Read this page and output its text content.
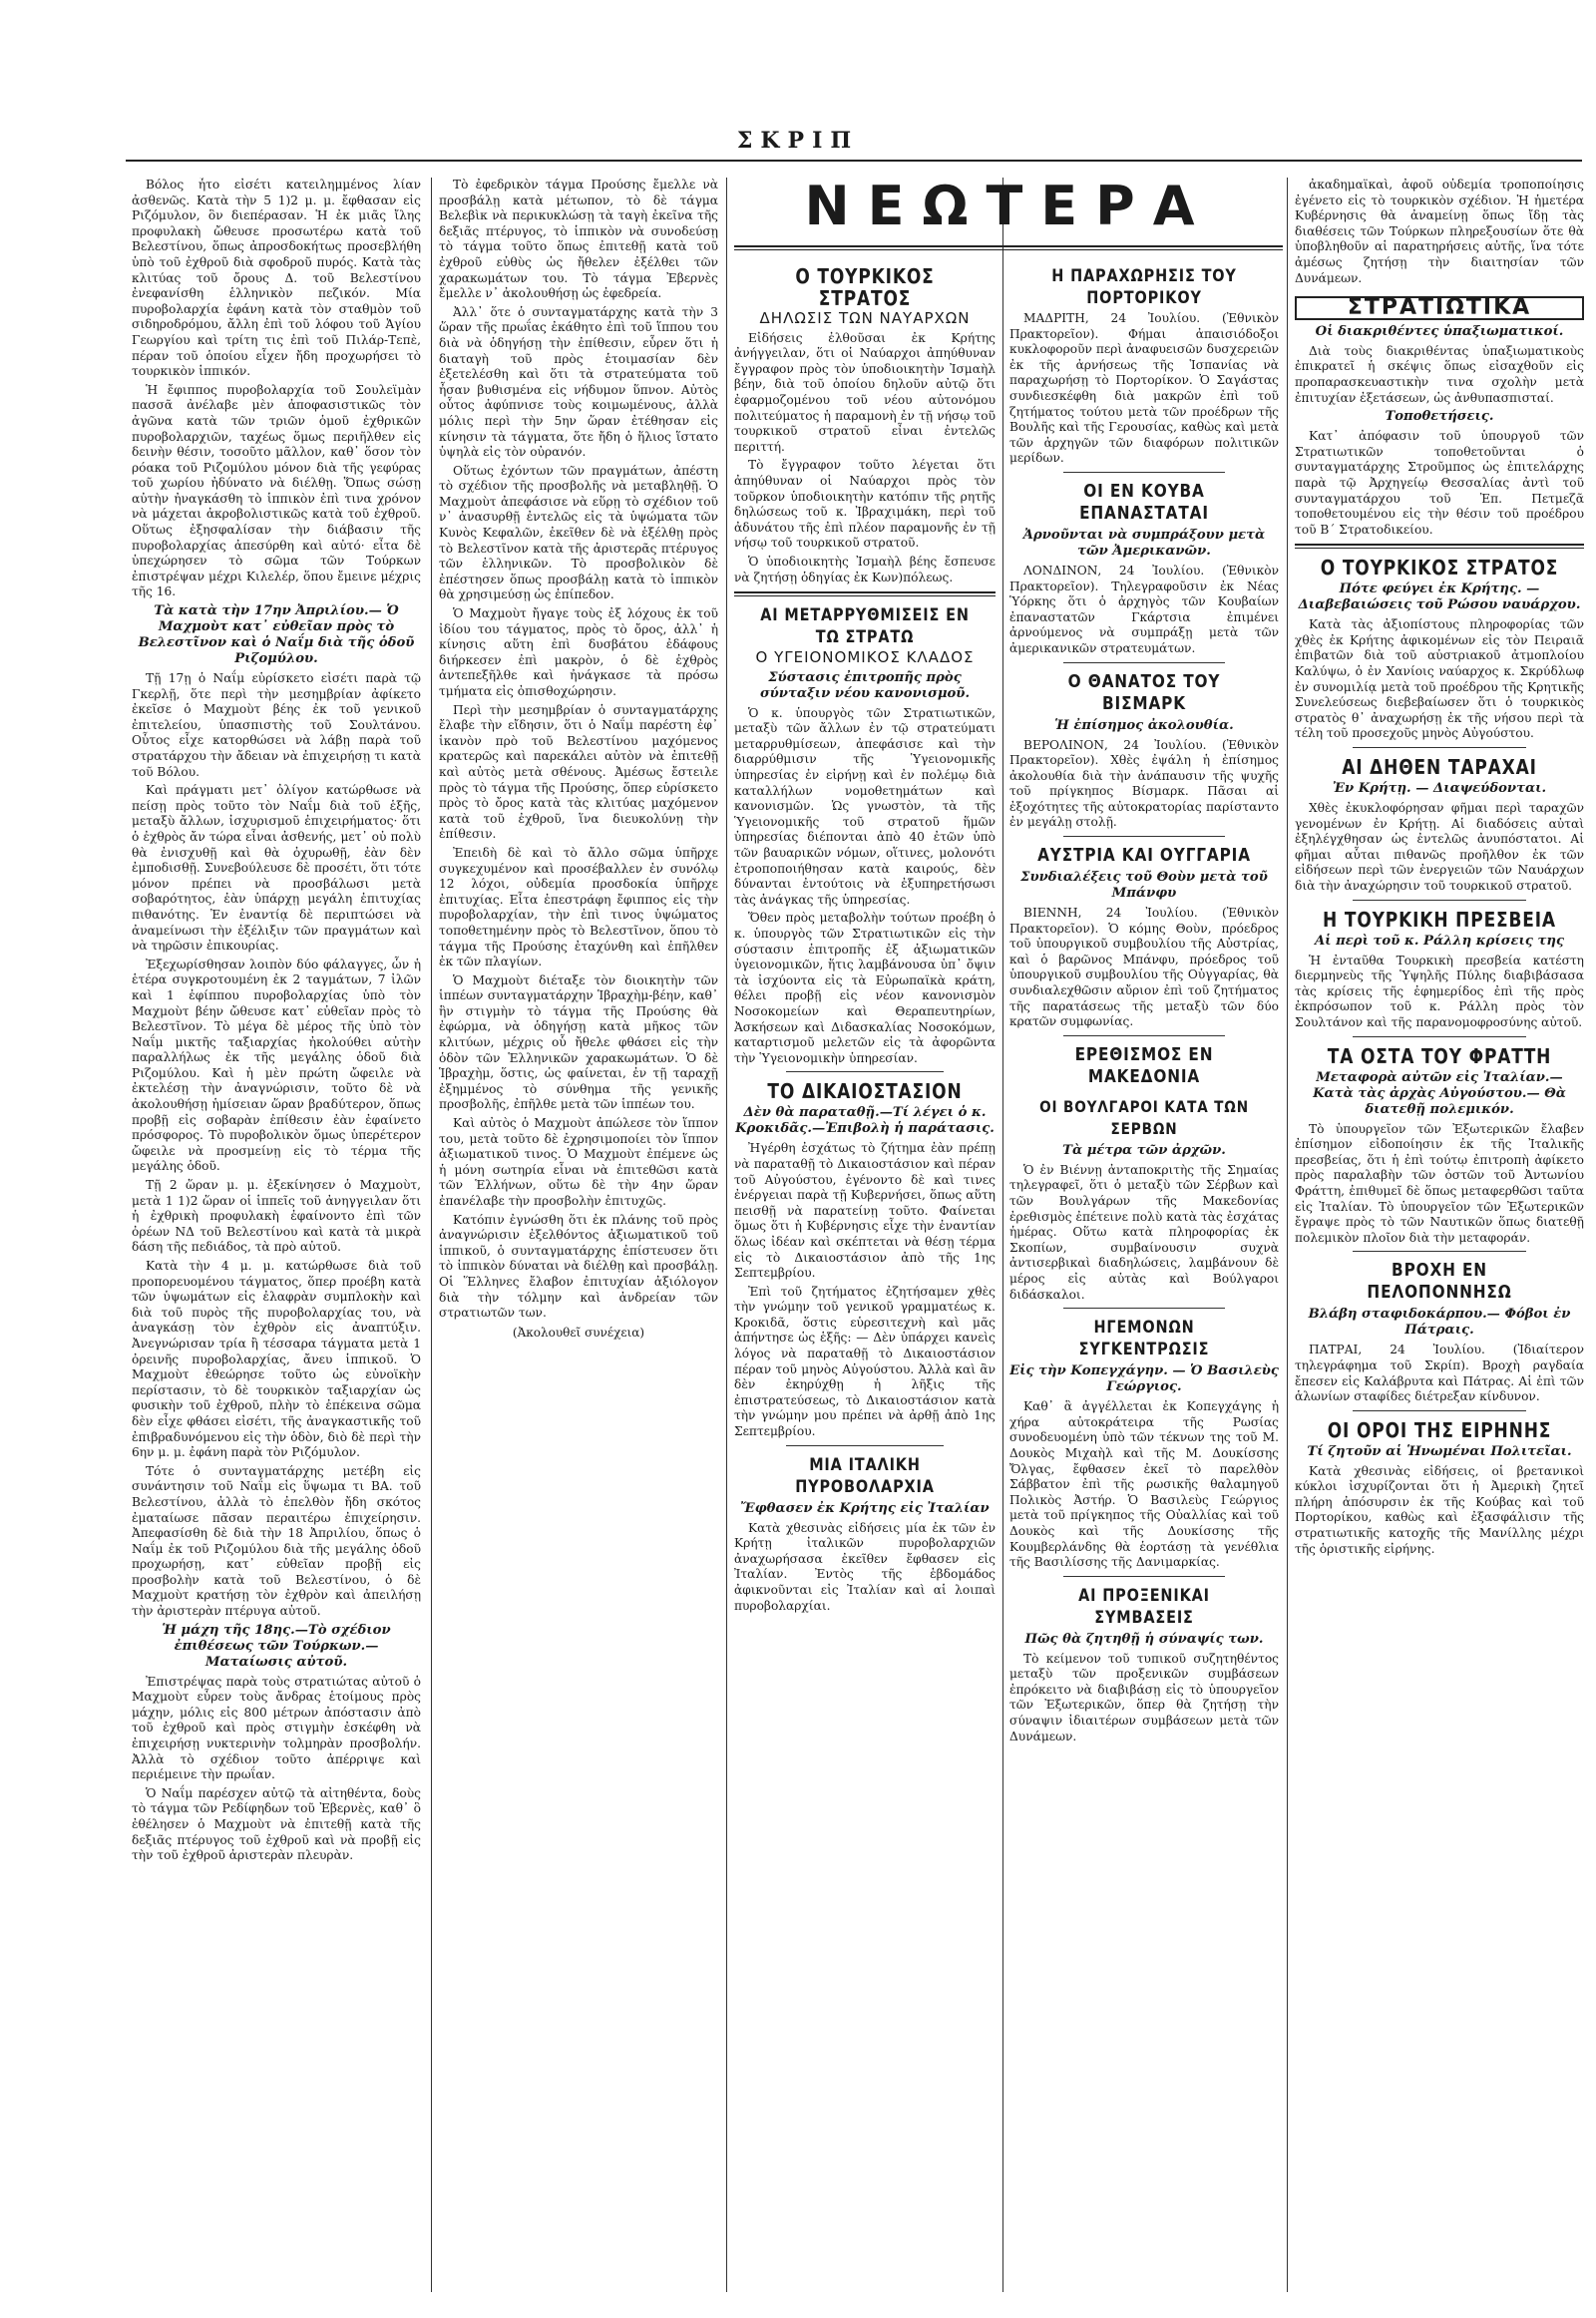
ΣΚΡΙΠ

Βόλος ἦτο εἰσέτι κατειλημμένος λίαν ἀσθενῶς. Κατὰ τὴν 5 1)2 μ. μ. ἔφθασαν εἰς Ριζόμυλον, ὃν διεπέρασαν. Ἡ ἐκ μιᾶς ἴλης προφυλακὴ ὤθευσε προσωτέρω κατὰ τοῦ Βελεστίνου, ὅπως ἀπροσδοκήτως προσεβλήθη ὑπὸ τοῦ ἐχθροῦ διὰ σφοδροῦ πυρός. Κατὰ τὰς κλιτύας τοῦ ὄρους Δ. τοῦ Βελεστίνου ἐνεφανίσθη ἑλληνικὸν πεζικόν. Μία πυροβολαρχία ἐφάνη κατὰ τὸν σταθμὸν τοῦ σιδηροδρόμου, ἄλλη ἐπὶ τοῦ λόφου τοῦ Ἁγίου Γεωργίου καὶ τρίτη τις ἐπὶ τοῦ Πιλάρ-Τεπὲ, πέραν τοῦ ὁποίου εἶχεν ἤδη προχωρήσει τὸ τουρκικὸν ἱππικόν.

Ἡ ἔφιππος πυροβολαρχία τοῦ Σουλεϊμὰν πασσᾶ ἀνέλαβε μὲν ἀποφασιστικῶς τὸν ἀγῶνα κατὰ τῶν τριῶν ὁμοῦ ἐχθρικῶν πυροβολαρχιῶν, ταχέως ὅμως περιῆλθεν εἰς δεινὴν θέσιν, τοσοῦτο μᾶλλον, καθ᾽ ὅσον τὸν ρόακα τοῦ Ριζομύλου μόνον διὰ τῆς γεφύρας τοῦ χωρίου ἠδύνατο νὰ διέλθῃ. Ὅπως σώσῃ αὐτὴν ἠναγκάσθη τὸ ἱππικὸν ἐπὶ τινα χρόνον νὰ μάχεται ἀκροβολιστικῶς κατὰ τοῦ ἐχθροῦ. Οὕτως ἐξησφαλίσαν τὴν διάβασιν τῆς πυροβολαρχίας ἀπεσύρθη καὶ αὐτό· εἶτα δὲ ὑπεχώρησεν τὸ σῶμα τῶν Τούρκων ἐπιστρέψαν μέχρι Κιλελέρ, ὅπου ἔμεινε μέχρις τῆς 16.

Τὰ κατὰ τὴν 17ην Ἀπριλίου.— Ὁ Μαχμοὺτ κατ᾽ εὐθεῖαν πρὸς τὸ Βελεστῖνον καὶ ὁ Ναΐμ διὰ τῆς ὁδοῦ Ριζομύλου.

Τῇ 17ῃ ὁ Ναΐμ εὑρίσκετο εἰσέτι παρὰ τῷ Γκερλῇ, ὅτε περὶ τὴν μεσημβρίαν ἀφίκετο ἐκεῖσε ὁ Μαχμοὺτ βέης ἐκ τοῦ γενικοῦ ἐπιτελείου, ὑπασπιστὴς τοῦ Σουλτάνου. Οὗτος εἶχε κατορθώσει νὰ λάβῃ παρὰ τοῦ στρατάρχου τὴν ἄδειαν νὰ ἐπιχειρήσῃ τι κατὰ τοῦ Βόλου.

Καὶ πράγματι μετ᾽ ὀλίγον κατώρθωσε νὰ πείσῃ πρὸς τοῦτο τὸν Ναΐμ διὰ τοῦ ἑξῆς, μεταξὺ ἄλλων, ἰσχυρισμοῦ ἐπιχειρήματος· ὅτι ὁ ἐχθρὸς ἄν τώρα εἶναι ἀσθενής, μετ᾽ οὐ πολὺ θὰ ἐνισχυθῇ καὶ θὰ ὀχυρωθῇ, ἐὰν δὲν ἐμποδισθῇ. Συνεβούλευσε δὲ προσέτι, ὅτι τότε μόνον πρέπει νὰ προσβάλωσι μετὰ σοβαρότητος, ἐὰν ὑπάρχῃ μεγάλη ἐπιτυχίας πιθανότης. Ἐν ἐναντίᾳ δὲ περιπτώσει νὰ ἀναμείνωσι τὴν ἐξέλιξιν τῶν πραγμάτων καὶ νὰ τηρῶσιν ἐπικουρίας.

Ἐξεχωρίσθησαν λοιπὸν δύο φάλαγγες, ὧν ἡ ἑτέρα συγκροτουμένη ἐκ 2 ταγμάτων, 7 ἰλῶν καὶ 1 ἐφίππου πυροβολαρχίας ὑπὸ τὸν Μαχμοὺτ βέην ὤθευσε κατ᾽ εὐθεῖαν πρὸς τὸ Βελεστῖνον. Τὸ μέγα δὲ μέρος τῆς ὑπὸ τὸν Ναΐμ μικτῆς ταξιαρχίας ἠκολούθει αὐτὴν παραλλήλως ἐκ τῆς μεγάλης ὁδοῦ διὰ Ριζομύλου. Καὶ ἡ μὲν πρώτη ὤφειλε νὰ ἐκτελέσῃ τὴν ἀναγνώρισιν, τοῦτο δὲ νὰ ἀκολουθήσῃ ἡμίσειαν ὥραν βραδύτερον, ὅπως προβῇ εἰς σοβαρὰν ἐπίθεσιν ἐὰν ἐφαίνετο πρόσφορος. Τὸ πυροβολικὸν ὅμως ὑπερέτερον ὤφειλε νὰ προσμείνῃ εἰς τὸ τέρμα τῆς μεγάλης ὁδοῦ.

Τῇ 2 ὥραν μ. μ. ἐξεκίνησεν ὁ Μαχμοὺτ, μετὰ 1 1)2 ὥραν οἱ ἱππεῖς τοῦ ἀνηγγειλαν ὅτι ἡ ἐχθρικὴ προφυλακὴ ἐφαίνοντο ἐπὶ τῶν ὀρέων ΝΔ τοῦ Βελεστίνου καὶ κατὰ τὰ μικρὰ δάση τῆς πεδιάδος, τὰ πρὸ αὐτοῦ.

Κατὰ τὴν 4 μ. μ. κατώρθωσε διὰ τοῦ προπορευομένου τάγματος, ὅπερ προέβη κατὰ τῶν ὑψωμάτων εἰς ἐλαφρὰν συμπλοκὴν καὶ διὰ τοῦ πυρὸς τῆς πυροβολαρχίας του, νὰ ἀναγκάσῃ τὸν ἐχθρὸν εἰς ἀναπτύξιν. Ἀνεγνώρισαν τρία ἢ τέσσαρα τάγματα μετὰ 1 ὀρεινῆς πυροβολαρχίας, ἄνευ ἱππικοῦ. Ὁ Μαχμοὺτ ἐθεώρησε τοῦτο ὡς εὐνοϊκὴν περίστασιν, τὸ δὲ τουρκικὸν ταξιαρχίαν ὡς φυσικὴν τοῦ ἐχθροῦ, πλὴν τὸ ἐπέκεινα σῶμα δὲν εἶχε φθάσει εἰσέτι, τῆς ἀναγκαστικῆς τοῦ ἐπιβραδυνόμενου εἰς τὴν ὁδὸν, διὸ δὲ περὶ τὴν 6ην μ. μ. ἐφάνη παρὰ τὸν Ριζόμυλον.

Τότε ὁ συνταγματάρχης μετέβη εἰς συνάντησιν τοῦ Ναΐμ εἰς ὕψωμα τι ΒΑ. τοῦ Βελεστίνου, ἀλλὰ τὸ ἐπελθὸν ἤδη σκότος ἐματαίωσε πᾶσαν περαιτέρω ἐπιχείρησιν. Ἀπεφασίσθη δὲ διὰ τὴν 18 Ἀπριλίου, ὅπως ὁ Ναΐμ ἐκ τοῦ Ριζομύλου διὰ τῆς μεγάλης ὁδοῦ προχωρήσῃ, κατ᾽ εὐθεῖαν προβῇ εἰς προσβολὴν κατὰ τοῦ Βελεστίνου, ὁ δὲ Μαχμοὺτ κρατήσῃ τὸν ἐχθρὸν καὶ ἀπειλήσῃ τὴν ἀριστερὰν πτέρυγα αὐτοῦ.

Ἡ μάχη τῆς 18ης.—Τὸ σχέδιον ἐπιθέσεως τῶν Τούρκων.— Ματαίωσις αὐτοῦ.

Ἐπιστρέψας παρὰ τοὺς στρατιώτας αὐτοῦ ὁ Μαχμοὺτ εὗρεν τοὺς ἄνδρας ἑτοίμους πρὸς μάχην, μόλις εἰς 800 μέτρων ἀπόστασιν ἀπὸ τοῦ ἐχθροῦ καὶ πρὸς στιγμὴν ἐσκέφθη νὰ ἐπιχειρήσῃ νυκτερινὴν τολμηρὰν προσβολήν. Ἀλλὰ τὸ σχέδιον τοῦτο ἀπέρριψε καὶ περιέμεινε τὴν πρωΐαν.

Ὁ Ναΐμ παρέσχεν αὐτῷ τὰ αἰτηθέντα, δοὺς τὸ τάγμα τῶν Ρεδίφηδων τοῦ Ἐβερνὲς, καθ᾽ ὃ ἐθέλησεν ὁ Μαχμοὺτ νὰ ἐπιτεθῇ κατὰ τῆς δεξιᾶς πτέρυγος τοῦ ἐχθροῦ καὶ νὰ προβῇ εἰς τὴν τοῦ ἐχθροῦ ἀριστερὰν πλευρὰν.

Τὸ ἐφεδρικὸν τάγμα Προύσης ἔμελλε νὰ προσβάλῃ κατὰ μέτωπον, τὸ δὲ τάγμα Βελεβὶκ νὰ περικυκλώσῃ τὰ ταγὴ ἐκεῖνα τῆς δεξιᾶς πτέρυγος, τὸ ἱππικὸν νὰ συνοδεύσῃ τὸ τάγμα τοῦτο ὅπως ἐπιτεθῇ κατὰ τοῦ ἐχθροῦ εὐθὺς ὡς ἤθελεν ἐξέλθει τῶν χαρακωμάτων του. Τὸ τάγμα Ἐβερνὲς ἔμελλε ν᾽ ἀκολουθήσῃ ὡς ἐφεδρεία.

Ἀλλ᾽ ὅτε ὁ συνταγματάρχης κατὰ τὴν 3 ὥραν τῆς πρωΐας ἐκάθητο ἐπὶ τοῦ ἵππου του διὰ νὰ ὁδηγήσῃ τὴν ἐπίθεσιν, εὗρεν ὅτι ἡ διαταγὴ τοῦ πρὸς ἑτοιμασίαν δὲν ἐξετελέσθη καὶ ὅτι τὰ στρατεύματα τοῦ ἦσαν βυθισμένα εἰς νήδυμον ὕπνον. Αὐτὸς οὗτος ἀφύπνισε τοὺς κοιμωμένους, ἀλλὰ μόλις περὶ τὴν 5ην ὥραν ἐτέθησαν εἰς κίνησιν τὰ τάγματα, ὅτε ἤδη ὁ ἥλιος ἵστατο ὑψηλὰ εἰς τὸν οὐρανόν.

Οὕτως ἐχόντων τῶν πραγμάτων, ἀπέστη τὸ σχέδιον τῆς προσβολῆς νὰ μεταβληθῇ. Ὁ Μαχμοὺτ ἀπεφάσισε νὰ εὕρῃ τὸ σχέδιον τοῦ ν᾽ ἀνασυρθῇ ἐντελῶς εἰς τὰ ὑψώματα τῶν Κυνὸς Κεφαλῶν, ἐκεῖθεν δὲ νὰ ἐξέλθῃ πρὸς τὸ Βελεστῖνον κατὰ τῆς ἀριστερᾶς πτέρυγος τῶν ἑλληνικῶν. Τὸ προσβολικὸν δὲ ἐπέστησεν ὅπως προσβάλῃ κατὰ τὸ ἱππικὸν θὰ χρησιμεύσῃ ὡς ἐπίπεδον.

Ὁ Μαχμοὺτ ἤγαγε τοὺς ἐξ λόχους ἐκ τοῦ ἰδίου του τάγματος, πρὸς τὸ ὄρος, ἀλλ᾽ ἡ κίνησις αὕτη ἐπὶ δυσβάτου ἐδάφους διήρκεσεν ἐπὶ μακρὸν, ὁ δὲ ἐχθρὸς ἀντεπεξῆλθε καὶ ἠνάγκασε τὰ πρόσω τμήματα εἰς ὀπισθοχώρησιν.

Περὶ τὴν μεσημβρίαν ὁ συνταγματάρχης ἔλαβε τὴν εἴδησιν, ὅτι ὁ Ναΐμ παρέστη ἐφ᾽ ἱκανὸν πρὸ τοῦ Βελεστίνου μαχόμενος κρατερῶς καὶ παρεκάλει αὐτὸν νὰ ἐπιτεθῇ καὶ αὐτὸς μετὰ σθένους. Ἀμέσως ἔστειλε πρὸς τὸ τάγμα τῆς Προύσης, ὅπερ εὑρίσκετο πρὸς τὸ ὄρος κατὰ τὰς κλιτύας μαχόμενον κατὰ τοῦ ἐχθροῦ, ἵνα διευκολύνῃ τὴν ἐπίθεσιν.

Ἐπειδὴ δὲ καὶ τὸ ἄλλο σῶμα ὑπῆρχε συγκεχυμένον καὶ προσέβαλλεν ἐν συνόλῳ 12 λόχοι, οὐδεμία προσδοκία ὑπῆρχε ἐπιτυχίας. Εἶτα ἐπεστράφη ἔφιππος εἰς τὴν πυροβολαρχίαν, τὴν ἐπὶ τινος ὑψώματος τοποθετημένην πρὸς τὸ Βελεστῖνον, ὅπου τὸ τάγμα τῆς Προύσης ἐταχύνθη καὶ ἐπῆλθεν ἐκ τῶν πλαγίων.

Ὁ Μαχμοὺτ διέταξε τὸν διοικητὴν τῶν ἱππέων συνταγματάρχην Ἱβραχὴμ-βέην, καθ᾽ ἣν στιγμὴν τὸ τάγμα τῆς Προύσης θὰ ἐφώρμα, νὰ ὁδηγήσῃ κατὰ μῆκος τῶν κλιτύων, μέχρις οὗ ἤθελε φθάσει εἰς τὴν ὁδὸν τῶν Ἑλληνικῶν χαρακωμάτων. Ὁ δὲ Ἱβραχὴμ, ὅστις, ὡς φαίνεται, ἐν τῇ ταραχῇ ἐξημμένος τὸ σύνθημα τῆς γενικῆς προσβολῆς, ἐπῆλθε μετὰ τῶν ἱππέων του.

Καὶ αὐτὸς ὁ Μαχμοὺτ ἀπώλεσε τὸν ἵππον του, μετὰ τοῦτο δὲ ἐχρησιμοποίει τὸν ἵππον ἀξιωματικοῦ τινος. Ὁ Μαχμοὺτ ἐπέμενε ὡς ἡ μόνη σωτηρία εἶναι νὰ ἐπιτεθῶσι κατὰ τῶν Ἑλλήνων, οὕτω δὲ τὴν 4ην ὥραν ἐπανέλαβε τὴν προσβολὴν ἐπιτυχῶς.

Κατόπιν ἐγνώσθη ὅτι ἐκ πλάνης τοῦ πρὸς ἀναγνώρισιν ἐξελθόντος ἀξιωματικοῦ τοῦ ἱππικοῦ, ὁ συνταγματάρχης ἐπίστευσεν ὅτι τὸ ἱππικὸν δύναται νὰ διέλθῃ καὶ προσβάλῃ. Οἱ Ἕλληνες ἔλαβον ἐπιτυχίαν ἀξιόλογον διὰ τὴν τόλμην καὶ ἀνδρείαν τῶν στρατιωτῶν των.

(Ἀκολουθεῖ συνέχεια)
ΝΕΩΤΕΡΑ
Ο ΤΟΥΡΚΙΚΟΣ ΣΤΡΑΤΟΣ
ΔΗΛΩΣΙΣ ΤΩΝ ΝΑΥΑΡΧΩΝ

Εἰδήσεις ἐλθοῦσαι ἐκ Κρήτης ἀνήγγειλαν, ὅτι οἱ Ναύαρχοι ἀπηύθυναν ἔγγραφον πρὸς τὸν ὑποδιοικητὴν Ἰσμαὴλ βέην, διὰ τοῦ ὁποίου δηλοῦν αὐτῷ ὅτι ἐφαρμοζομένου τοῦ νέου αὐτονόμου πολιτεύματος ἡ παραμονὴ ἐν τῇ νήσῳ τοῦ τουρκικοῦ στρατοῦ εἶναι ἐντελῶς περιττή.

Τὸ ἔγγραφον τοῦτο λέγεται ὅτι ἀπηύθυναν οἱ Ναύαρχοι πρὸς τὸν τοῦρκον ὑποδιοικητὴν κατόπιν τῆς ρητῆς δηλώσεως τοῦ κ. Ἰβραχιμάκη, περὶ τοῦ ἀδυνάτου τῆς ἐπὶ πλέον παραμονῆς ἐν τῇ νήσῳ τοῦ τουρκικοῦ στρατοῦ.

Ὁ ὑποδιοικητὴς Ἰσμαὴλ βέης ἔσπευσε νὰ ζητήσῃ ὁδηγίας ἐκ Κων)πόλεως.

ΑΙ ΜΕΤΑΡΡΥΘΜΙΣΕΙΣ ΕΝ ΤΩ ΣΤΡΑΤΩ
Ο ΥΓΕΙΟΝΟΜΙΚΟΣ ΚΛΑΔΟΣ
Σύστασις ἐπιτροπῆς πρὸς σύνταξιν νέου κανονισμοῦ.

Ὁ κ. ὑπουργὸς τῶν Στρατιωτικῶν, μεταξὺ τῶν ἄλλων ἐν τῷ στρατεύματι μεταρρυθμίσεων, ἀπεφάσισε καὶ τὴν διαρρύθμισιν τῆς Ὑγειονομικῆς ὑπηρεσίας ἐν εἰρήνῃ καὶ ἐν πολέμῳ διὰ καταλλήλων νομοθετημάτων καὶ κανονισμῶν. Ὡς γνωστὸν, τὰ τῆς Ὑγειονομικῆς τοῦ στρατοῦ ἥμῶν ὑπηρεσίας διέπονται ἀπὸ 40 ἐτῶν ὑπὸ τῶν βαυαρικῶν νόμων, οἵτινες, μολονότι ἐτροποποιήθησαν κατὰ καιρούς, δὲν δύνανται ἐντούτοις νὰ ἐξυπηρετήσωσι τὰς ἀνάγκας τῆς ὑπηρεσίας.

Ὅθεν πρὸς μεταβολὴν τούτων προέβη ὁ κ. ὑπουργὸς τῶν Στρατιωτικῶν εἰς τὴν σύστασιν ἐπιτροπῆς ἐξ ἀξιωματικῶν ὑγειονομικῶν, ἥτις λαμβάνουσα ὑπ᾽ ὄψιν τὰ ἰσχύοντα εἰς τὰ Εὐρωπαϊκὰ κράτη, θέλει προβῇ εἰς νέον κανονισμὸν Νοσοκομείων καὶ Θεραπευτηρίων, Ἀσκήσεων καὶ Διδασκαλίας Νοσοκόμων, καταρτισμοῦ μελετῶν εἰς τὰ ἀφορῶντα τὴν Ὑγειονομικὴν ὑπηρεσίαν.

ΤΟ ΔΙΚΑΙΟΣΤΑΣΙΟΝ
Δὲν θὰ παραταθῇ.—Τί λέγει ὁ κ. Κροκιδᾶς.—Ἐπιβολὴ ἡ παράτασις.

Ἠγέρθη ἐσχάτως τὸ ζήτημα ἐὰν πρέπῃ νὰ παραταθῇ τὸ Δικαιοστάσιον καὶ πέραν τοῦ Αὐγούστου, ἐγένοντο δὲ καὶ τινες ἐνέργειαι παρὰ τῇ Κυβερνήσει, ὅπως αὕτη πεισθῇ νὰ παρατείνῃ τοῦτο. Φαίνεται ὅμως ὅτι ἡ Κυβέρνησις εἶχε τὴν ἐναντίαν ὅλως ἰδέαν καὶ σκέπτεται νὰ θέσῃ τέρμα εἰς τὸ Δικαιοστάσιον ἀπὸ τῆς 1ης Σεπτεμβρίου.

Ἐπὶ τοῦ ζητήματος ἐζητήσαμεν χθὲς τὴν γνώμην τοῦ γενικοῦ γραμματέως κ. Κροκιδᾶ, ὅστις εὑρεσιτεχνὴ καὶ μᾶς ἀπήντησε ὡς ἑξῆς: — Δὲν ὑπάρχει κανεὶς λόγος νὰ παραταθῇ τὸ Δικαιοστάσιον πέραν τοῦ μηνὸς Αὐγούστου. Ἀλλὰ καὶ ἂν δὲν ἐκηρύχθῃ ἡ λῆξις τῆς ἐπιστρατεύσεως, τὸ Δικαιοστάσιον κατὰ τὴν γνώμην μου πρέπει νὰ ἀρθῇ ἀπὸ 1ης Σεπτεμβρίου.

ΜΙΑ ΙΤΑΛΙΚΗ ΠΥΡΟΒΟΛΑΡΧΙΑ
Ἔφθασεν ἐκ Κρήτης εἰς Ἰταλίαν

Κατὰ χθεσινὰς εἰδήσεις μία ἐκ τῶν ἐν Κρήτῃ ἰταλικῶν πυροβολαρχιῶν ἀναχωρήσασα ἐκεῖθεν ἔφθασεν εἰς Ἰταλίαν. Ἐντὸς τῆς ἑβδομάδος ἀφικνοῦνται εἰς Ἰταλίαν καὶ αἱ λοιπαὶ πυροβολαρχίαι.

Η ΠΑΡΑΧΩΡΗΣΙΣ ΤΟΥ ΠΟΡΤΟΡΙΚΟΥ

ΜΑΔΡΙΤΗ, 24 Ἰουλίου. (Ἐθνικὸν Πρακτορεῖον). Φήμαι ἀπαισιόδοξοι κυκλοφοροῦν περὶ ἀναφυεισῶν δυσχερειῶν ἐκ τῆς ἀρνήσεως τῆς Ἱσπανίας νὰ παραχωρήσῃ τὸ Πορτορίκον. Ὁ Σαγάστας συνδιεσκέφθη διὰ μακρῶν ἐπὶ τοῦ ζητήματος τούτου μετὰ τῶν προέδρων τῆς Βουλῆς καὶ τῆς Γερουσίας, καθὼς καὶ μετὰ τῶν ἀρχηγῶν τῶν διαφόρων πολιτικῶν μερίδων.

ΟΙ ΕΝ ΚΟΥΒΑ ΕΠΑΝΑΣΤΑΤΑΙ
Ἀρνοῦνται νὰ συμπράξουν μετὰ τῶν Ἀμερικανῶν.

ΛΟΝΔΙΝΟΝ, 24 Ἰουλίου. (Ἐθνικὸν Πρακτορεῖον). Τηλεγραφοῦσιν ἐκ Νέας Ὑόρκης ὅτι ὁ ἀρχηγὸς τῶν Κουβαίων ἐπαναστατῶν Γκάρτσια ἐπιμένει ἀρνούμενος νὰ συμπράξῃ μετὰ τῶν ἀμερικανικῶν στρατευμάτων.

Ο ΘΑΝΑΤΟΣ ΤΟΥ ΒΙΣΜΑΡΚ
Ἡ ἐπίσημος ἀκολουθία.

ΒΕΡΟΛΙΝΟΝ, 24 Ἰουλίου. (Ἐθνικὸν Πρακτορεῖον). Χθὲς ἐψάλη ἡ ἐπίσημος ἀκολουθία διὰ τὴν ἀνάπαυσιν τῆς ψυχῆς τοῦ πρίγκηπος Βίσμαρκ. Πᾶσαι αἱ ἐξοχότητες τῆς αὐτοκρατορίας παρίσταντο ἐν μεγάλῃ στολῇ.

ΑΥΣΤΡΙΑ ΚΑΙ ΟΥΓΓΑΡΙΑ
Συνδιαλέξεις τοῦ Θοὺν μετὰ τοῦ Μπάνφυ

ΒΙΕΝΝΗ, 24 Ἰουλίου. (Ἐθνικὸν Πρακτορεῖον). Ὁ κόμης Θοὺν, πρόεδρος τοῦ ὑπουργικοῦ συμβουλίου τῆς Αὐστρίας, καὶ ὁ βαρῶνος Μπάνφυ, πρόεδρος τοῦ ὑπουργικοῦ συμβουλίου τῆς Οὐγγαρίας, θὰ συνδιαλεχθῶσιν αὔριον ἐπὶ τοῦ ζητήματος τῆς παρατάσεως τῆς μεταξὺ τῶν δύο κρατῶν συμφωνίας.

ΕΡΕΘΙΣΜΟΣ ΕΝ ΜΑΚΕΔΟΝΙΑ
ΟΙ ΒΟΥΛΓΑΡΟΙ ΚΑΤΑ ΤΩΝ ΣΕΡΒΩΝ
Τὰ μέτρα τῶν ἀρχῶν.

Ὁ ἐν Βιέννῃ ἀνταποκριτὴς τῆς Σημαίας τηλεγραφεῖ, ὅτι ὁ μεταξὺ τῶν Σέρβων καὶ τῶν Βουλγάρων τῆς Μακεδονίας ἐρεθισμὸς ἐπέτεινε πολὺ κατὰ τὰς ἐσχάτας ἡμέρας. Οὕτω κατὰ πληροφορίας ἐκ Σκοπίων, συμβαίνουσιν συχνὰ ἀντισερβικαὶ διαδηλώσεις, λαμβάνουν δὲ μέρος εἰς αὐτὰς καὶ Βούλγαροι διδάσκαλοι.

ΗΓΕΜΟΝΩΝ ΣΥΓΚΕΝΤΡΩΣΙΣ
Εἰς τὴν Κοπεγχάγην. — Ὁ Βασιλεὺς Γεώργιος.

Καθ᾽ ἃ ἀγγέλλεται ἐκ Κοπεγχάγης ἡ χήρα αὐτοκράτειρα τῆς Ρωσίας συνοδευομένη ὑπὸ τῶν τέκνων της τοῦ Μ. Δουκὸς Μιχαὴλ καὶ τῆς Μ. Δουκίσσης Ὄλγας, ἔφθασεν ἐκεῖ τὸ παρελθὸν Σάββατον ἐπὶ τῆς ρωσικῆς θαλαμηγοῦ Πολικὸς Ἀστήρ. Ὁ Βασιλεὺς Γεώργιος μετὰ τοῦ πρίγκηπος τῆς Οὐαλλίας καὶ τοῦ Δουκὸς καὶ τῆς Δουκίσσης τῆς Κουμβερλάνδης θὰ ἑορτάσῃ τὰ γενέθλια τῆς Βασιλίσσης τῆς Δανιμαρκίας.

ΑΙ ΠΡΟΞΕΝΙΚΑΙ ΣΥΜΒΑΣΕΙΣ
Πῶς θὰ ζητηθῇ ἡ σύναψίς των.

Τὸ κείμενον τοῦ τυπικοῦ συζητηθέντος μεταξὺ τῶν προξενικῶν συμβάσεων ἐπρόκειτο νὰ διαβιβάσῃ εἰς τὸ ὑπουργεῖον τῶν Ἐξωτερικῶν, ὅπερ θὰ ζητήσῃ τὴν σύναψιν ἰδιαιτέρων συμβάσεων μετὰ τῶν Δυνάμεων.

ἀκαδημαϊκαὶ, ἀφοῦ οὐδεμία τροποποίησις ἐγένετο εἰς τὸ τουρκικὸν σχέδιον. Ἡ ἡμετέρα Κυβέρνησις θὰ ἀναμείνῃ ὅπως ἴδῃ τὰς διαθέσεις τῶν Τούρκων πληρεξουσίων ὅτε θὰ ὑποβληθοῦν αἱ παρατηρήσεις αὐτῆς, ἵνα τότε ἀμέσως ζητήσῃ τὴν διαιτησίαν τῶν Δυνάμεων.

ΣΤΡΑΤΙΩΤΙΚΑ
Οἱ διακριθέντες ὑπαξιωματικοί.

Διὰ τοὺς διακριθέντας ὑπαξιωματικοὺς ἐπικρατεῖ ἡ σκέψις ὅπως εἰσαχθοῦν εἰς προπαρασκευαστικὴν τινα σχολὴν μετὰ ἐπιτυχίαν ἐξετάσεων, ὡς ἀνθυπασπισταί.

Τοποθετήσεις.

Κατ᾽ ἀπόφασιν τοῦ ὑπουργοῦ τῶν Στρατιωτικῶν τοποθετοῦνται ὁ συνταγματάρχης Στροῦμπος ὡς ἐπιτελάρχης παρὰ τῷ Ἀρχηγείῳ Θεσσαλίας ἀντὶ τοῦ συνταγματάρχου τοῦ Ἐπ. Πετμεζᾶ τοποθετουμένου εἰς τὴν θέσιν τοῦ προέδρου τοῦ Β΄ Στρατοδικείου.

Ο ΤΟΥΡΚΙΚΟΣ ΣΤΡΑΤΟΣ
Πότε φεύγει ἐκ Κρήτης. — Διαβεβαιώσεις τοῦ Ρώσου ναυάρχου.

Κατὰ τὰς ἀξιοπίστους πληροφορίας τῶν χθὲς ἐκ Κρήτης ἀφικομένων εἰς τὸν Πειραιᾶ ἐπιβατῶν διὰ τοῦ αὐστριακοῦ ἀτμοπλοίου Καλύψω, ὁ ἐν Χανίοις ναύαρχος κ. Σκρύδλωφ ἐν συνομιλίᾳ μετὰ τοῦ προέδρου τῆς Κρητικῆς Συνελεύσεως διεβεβαίωσεν ὅτι ὁ τουρκικὸς στρατὸς θ᾽ ἀναχωρήσῃ ἐκ τῆς νήσου περὶ τὰ τέλη τοῦ προσεχοῦς μηνὸς Αὐγούστου.

ΑΙ ΔΗΘΕΝ ΤΑΡΑΧΑΙ
Ἐν Κρήτῃ. — Διαψεύδονται.

Χθὲς ἐκυκλοφόρησαν φῆμαι περὶ ταραχῶν γενομένων ἐν Κρήτῃ. Αἱ διαδόσεις αὐταὶ ἐξηλέγχθησαν ὡς ἐντελῶς ἀνυπόστατοι. Αἱ φῆμαι αὗται πιθανῶς προῆλθον ἐκ τῶν εἰδήσεων περὶ τῶν ἐνεργειῶν τῶν Ναυάρχων διὰ τὴν ἀναχώρησιν τοῦ τουρκικοῦ στρατοῦ.

Η ΤΟΥΡΚΙΚΗ ΠΡΕΣΒΕΙΑ
Αἱ περὶ τοῦ κ. Ράλλη κρίσεις της

Ἡ ἐνταῦθα Τουρκικὴ πρεσβεία κατέστη διερμηνεὺς τῆς Ὑψηλῆς Πύλης διαβιβάσασα τὰς κρίσεις τῆς ἐφημερίδος ἐπὶ τῆς πρὸς ἐκπρόσωπον τοῦ κ. Ράλλη πρὸς τὸν Σουλτάνον καὶ τῆς παρανομοφροσύνης αὐτοῦ.

ΤΑ ΟΣΤΑ ΤΟΥ ΦΡΑΤΤΗ
Μεταφορὰ αὐτῶν εἰς Ἰταλίαν.— Κατὰ τὰς ἀρχὰς Αὐγούστου.— Θὰ διατεθῇ πολεμικόν.

Τὸ ὑπουργεῖον τῶν Ἐξωτερικῶν ἔλαβεν ἐπίσημον εἰδοποίησιν ἐκ τῆς Ἰταλικῆς πρεσβείας, ὅτι ἡ ἐπὶ τούτῳ ἐπιτροπὴ ἀφίκετο πρὸς παραλαβὴν τῶν ὀστῶν τοῦ Ἀντωνίου Φράττη, ἐπιθυμεῖ δὲ ὅπως μεταφερθῶσι ταῦτα εἰς Ἰταλίαν. Τὸ ὑπουργεῖον τῶν Ἐξωτερικῶν ἔγραψε πρὸς τὸ τῶν Ναυτικῶν ὅπως διατεθῇ πολεμικὸν πλοῖον διὰ τὴν μεταφοράν.

ΒΡΟΧΗ ΕΝ ΠΕΛΟΠΟΝΝΗΣΩ
Βλάβη σταφιδοκάρπου.— Φόβοι ἐν Πάτραις.

ΠΑΤΡΑΙ, 24 Ἰουλίου. (Ἰδιαίτερον τηλεγράφημα τοῦ Σκρίπ). Βροχὴ ραγδαία ἔπεσεν εἰς Καλάβρυτα καὶ Πάτρας. Αἱ ἐπὶ τῶν ἁλωνίων σταφίδες διέτρεξαν κίνδυνον.

ΟΙ ΟΡΟΙ ΤΗΣ ΕΙΡΗΝΗΣ
Τί ζητοῦν αἱ Ἡνωμέναι Πολιτεῖαι.

Κατὰ χθεσινὰς εἰδήσεις, οἱ βρετανικοὶ κύκλοι ἰσχυρίζονται ὅτι ἡ Ἀμερικὴ ζητεῖ πλήρη ἀπόσυρσιν ἐκ τῆς Κούβας καὶ τοῦ Πορτορίκου, καθὼς καὶ ἐξασφάλισιν τῆς στρατιωτικῆς κατοχῆς τῆς Μανίλλης μέχρι τῆς ὁριστικῆς εἰρήνης.
